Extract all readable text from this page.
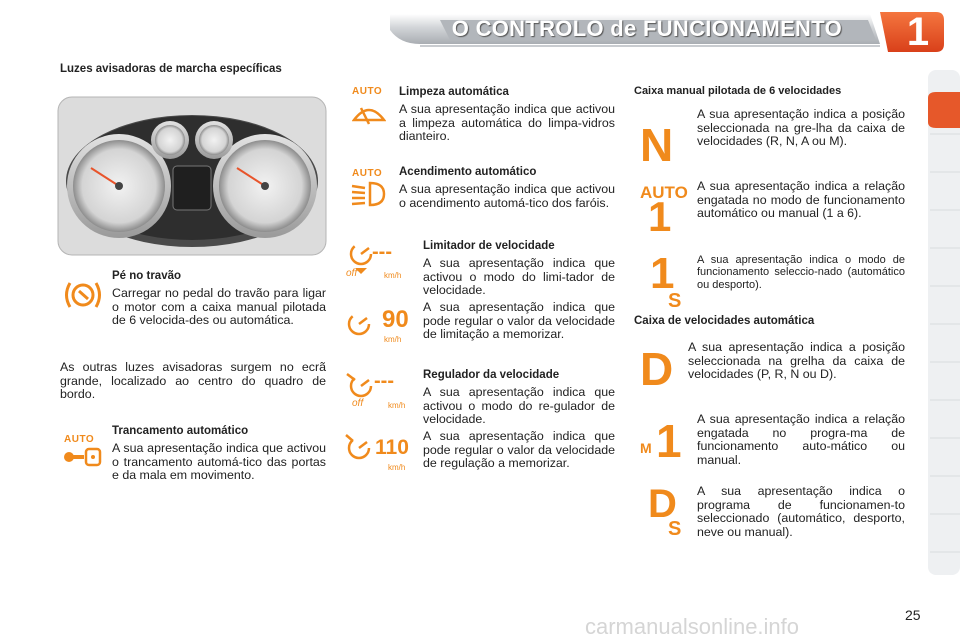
O CONTROLO de FUNCIONAMENTO	1
Luzes avisadoras de marcha específicas
Pé no travão
Carregar no pedal do travão para ligar o motor com a caixa manual pilotada de 6 velocida-des ou automática.
As outras luzes avisadoras surgem no ecrã grande, localizado ao centro do quadro de bordo.
AUTO
Trancamento automático
A sua apresentação indica que activou o trancamento automá-tico das portas e da mala em movimento.
AUTO Limpeza automática
A sua apresentação indica que activou a limpeza automática do limpa-vidros dianteiro.
AUTO Acendimento automático
A sua apresentação indica que activou o acendimento automá-tico dos faróis.
---
off	km/h
90
km/h
Limitador de velocidade
A sua apresentação indica que activou o modo do limi-tador de velocidade.
A sua apresentação indica que pode regular o valor da velocidade de limitação a memorizar.
---
off	km/h
110
km/h
Regulador da velocidade
A sua apresentação indica que activou o modo do re-gulador de velocidade.
A sua apresentação indica que pode regular o valor da velocidade de regulação a memorizar.
Caixa manual pilotada de 6 velocidades
N
A sua apresentação indica a posição seleccionada na gre-lha da caixa de velocidades (R, N, A ou M).
AUTO
1
A sua apresentação indica a relação engatada no modo de funcionamento automático ou manual (1 a 6).
1
S
A sua apresentação indica o modo de funcionamento seleccio-nado (automático ou desporto).
Caixa de velocidades automática
D A sua apresentação indica a posição seleccionada na grelha da caixa de velocidades (P, R, N ou D).
M 1 A sua apresentação indica a relação engatada no progra-ma de funcionamento auto-mático ou manual.
D
S
A sua apresentação indica o programa de funcionamen-to seleccionado (automático, desporto, neve ou manual).
carmanualsonline.info	25
